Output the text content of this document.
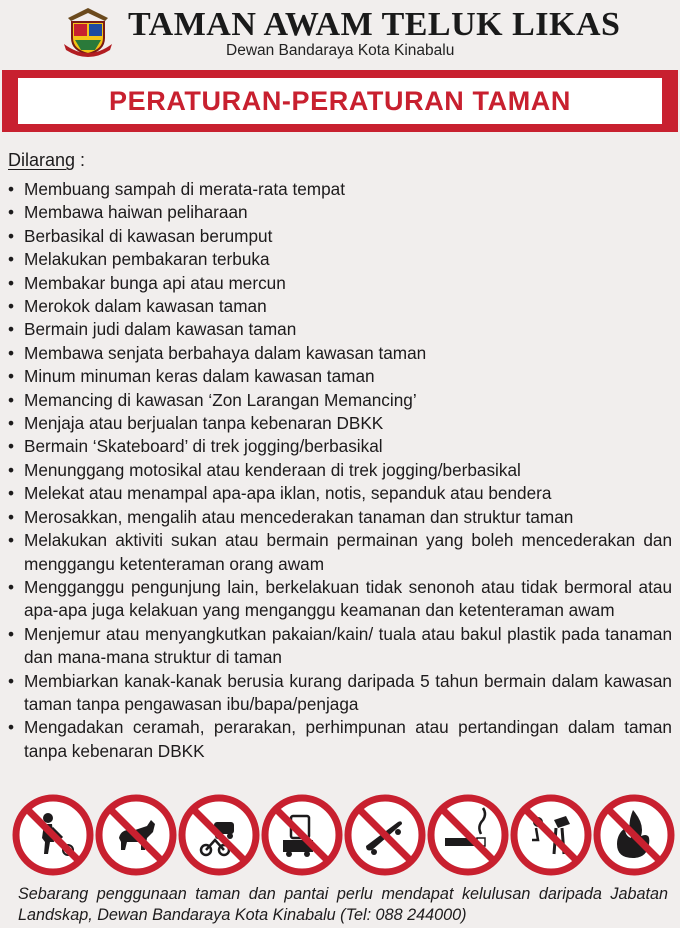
TAMAN AWAM TELUK LIKAS
Dewan Bandaraya Kota Kinabalu
PERATURAN-PERATURAN TAMAN
Dilarang :
• Membuang sampah di merata-rata tempat
• Membawa haiwan peliharaan
• Berbasikal di kawasan berumput
• Melakukan pembakaran terbuka
• Membakar bunga api atau mercun
• Merokok dalam kawasan taman
• Bermain judi dalam kawasan taman
• Membawa senjata berbahaya dalam kawasan taman
• Minum minuman keras dalam kawasan taman
• Memancing di kawasan ‘Zon Larangan Memancing’
• Menjaja atau berjualan tanpa kebenaran DBKK
• Bermain ‘Skateboard’ di trek jogging/berbasikal
• Menunggang motosikal atau kenderaan di trek jogging/berbasikal
• Melekat atau menampal apa-apa iklan, notis, sepanduk atau bendera
• Merosakkan, mengalih atau mencederakan tanaman dan struktur taman
• Melakukan aktiviti sukan atau bermain permainan yang boleh mencederakan dan menggangu ketenteraman orang awam
• Mengganggu pengunjung lain, berkelakuan tidak senonoh atau tidak bermoral atau apa-apa juga kelakuan yang menganggu keamanan dan ketenteraman awam
• Menjemur atau menyangkutkan pakaian/kain/ tuala atau bakul plastik pada tanaman dan mana-mana struktur di taman
• Membiarkan kanak-kanak berusia kurang daripada 5 tahun bermain dalam kawasan taman tanpa pengawasan ibu/bapa/penjaga
• Mengadakan ceramah, perarakan, perhimpunan atau pertandingan dalam taman tanpa kebenaran DBKK
Sebarang penggunaan taman dan pantai perlu mendapat kelulusan daripada Jabatan Landskap, Dewan Bandaraya Kota Kinabalu (Tel: 088 244000)
